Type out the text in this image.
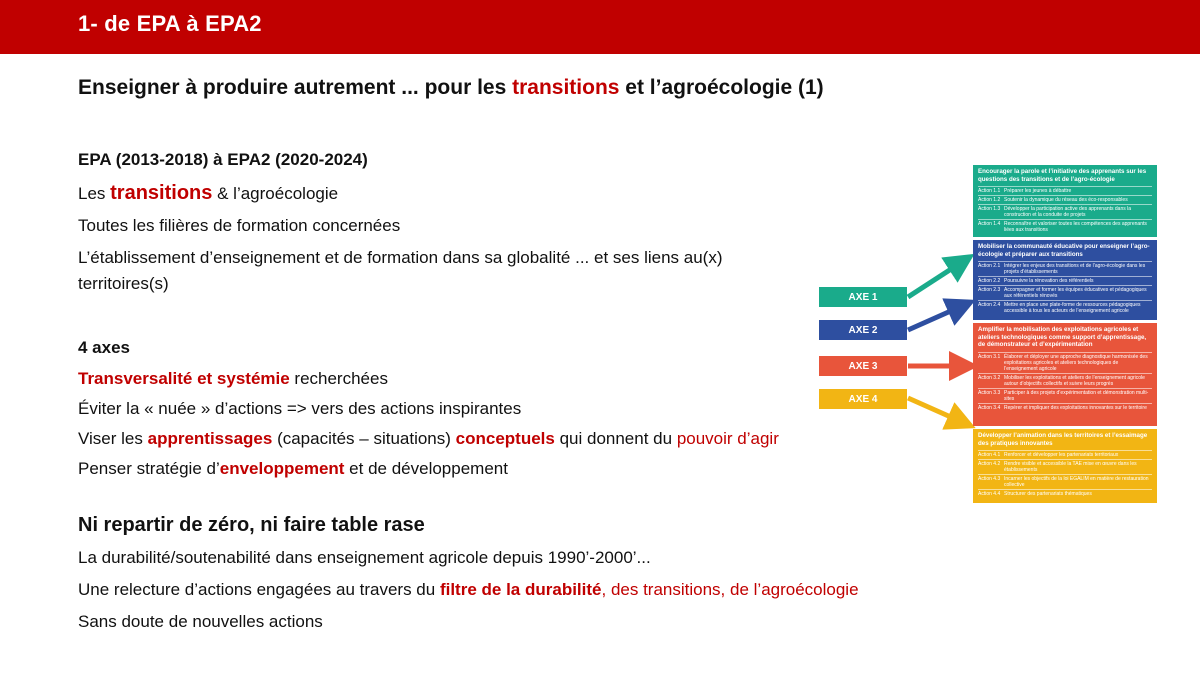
1- de EPA à EPA2
Enseigner à produire autrement ... pour les transitions et l’agroécologie (1)
EPA (2013-2018) à EPA2 (2020-2024)
Les transitions & l’agroécologie
Toutes les filières de formation concernées
L’établissement d’enseignement et de formation dans sa globalité ... et ses liens au(x)
territoires(s)
4 axes
Transversalité et systémie recherchées
Éviter la « nuée » d’actions => vers des actions inspirantes
Viser les apprentissages (capacités – situations) conceptuels qui donnent du pouvoir d’agir
Penser stratégie d’enveloppement et de développement
Ni repartir de zéro, ni faire table rase
La durabilité/soutenabilité dans enseignement agricole depuis 1990’-2000’...
Une relecture d’actions engagées au travers du filtre de la durabilité, des transitions, de l’agroécologie
Sans doute de nouvelles actions
AXE 1
AXE 2
AXE 3
AXE 4
Encourager la parole et l’initiative des apprenants sur les questions des transitions et de l’agro-écologie
Action 1.1 Préparer les jeunes à débattre
Action 1.2 Soutenir la dynamique du réseau des éco-responsables
Action 1.3 Développer la participation active des apprenants dans la construction et la conduite de projets
Action 1.4 Reconnaître et valoriser toutes les compétences des apprenants liées aux transitions
Mobiliser la communauté éducative pour enseigner l’agro-écologie et préparer aux transitions
Action 2.1 Intégrer les enjeux des transitions et de l’agro-écologie dans les projets d’établissements
Action 2.2 Poursuivre la rénovation des référentiels
Action 2.3 Accompagner et former les équipes éducatives et pédagogiques aux référentiels rénovés
Action 2.4 Mettre en place une plate-forme de ressources pédagogiques accessible à tous les acteurs de l’enseignement agricole
Amplifier la mobilisation des exploitations agricoles et ateliers technologiques comme support d’apprentissage, de démonstrateur et d’expérimentation
Action 3.1 Élaborer et déployer une approche diagnostique harmonisée des exploitations agricoles et ateliers technologiques de l’enseignement agricole
Action 3.2 Mobiliser les exploitations et ateliers de l’enseignement agricole autour d’objectifs collectifs et suivre leurs progrès
Action 3.3 Participer à des projets d’expérimentation et démonstration multi-sites
Action 3.4 Repérer et impliquer des exploitations innovantes sur le territoire
Développer l’animation dans les territoires et l’essaimage des pratiques innovantes
Action 4.1 Renforcer et développer les partenariats territoriaux
Action 4.2 Rendre visible et accessible la TAE mise en œuvre dans les établissements
Action 4.3 Incarner les objectifs de la loi EGALIM en matière de restauration collective
Action 4.4 Structurer des partenariats thématiques
